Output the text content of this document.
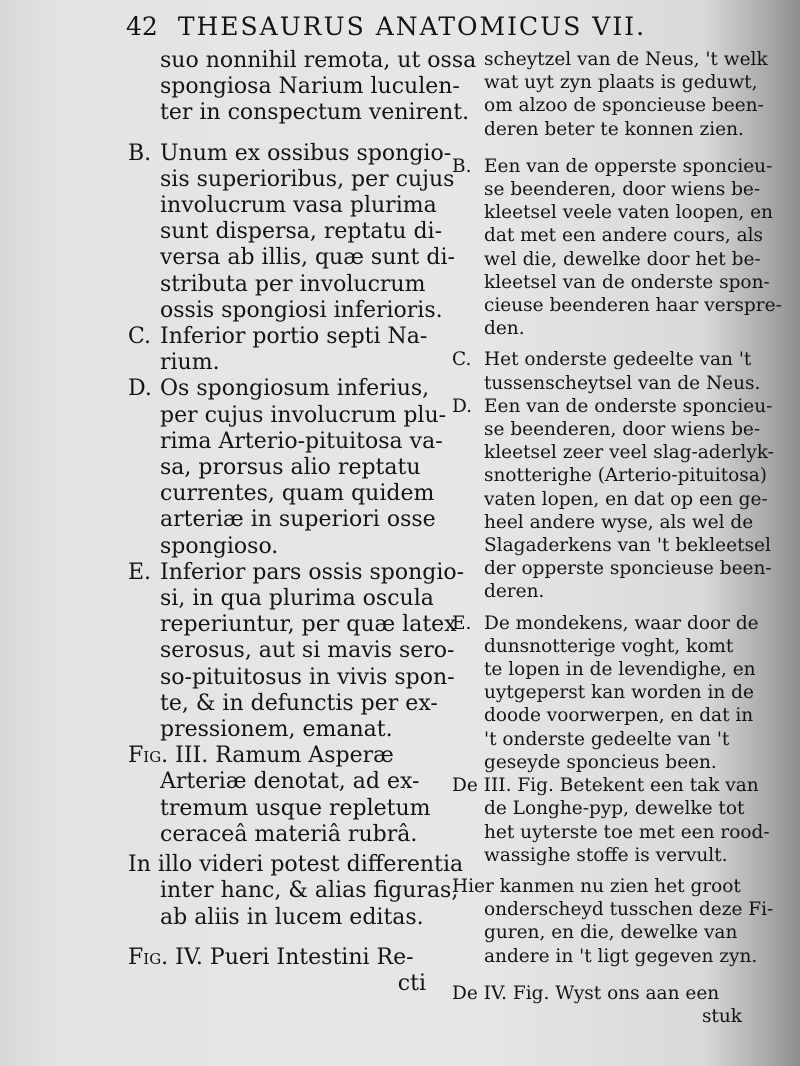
42 THESAURUS ANATOMICUS VII.
suo nonnihil remota, ut ossa
spongiosa Narium luculen-
ter in conspectum venirent.
B. Unum ex ossibus spongio-
sis superioribus, per cujus
involucrum vasa plurima
sunt dispersa, reptatu di-
versa ab illis, quæ sunt di-
stributa per involucrum
ossis spongiosi inferioris.
C. Inferior portio septi Na-
rium.
D. Os spongiosum inferius,
per cujus involucrum plu-
rima Arterio-pituitosa va-
sa, prorsus alio reptatu
currentes, quam quidem
arteriæ in superiori osse
spongioso.
E. Inferior pars ossis spongio-
si, in qua plurima oscula
reperiuntur, per quæ latex
serosus, aut si mavis sero-
so-pituitosus in vivis spon-
te, & in defunctis per ex-
pressionem, emanat.
Fig. III. Ramum Asperæ
Arteriæ denotat, ad ex-
tremum usque repletum
ceraceâ materiâ rubrâ.
In illo videri potest differentia
inter hanc, & alias figuras,
ab aliis in lucem editas.
Fig. IV. Pueri Intestini Re-
cti
scheytzel van de Neus, 't welk
wat uyt zyn plaats is geduwt,
om alzoo de sponcieuse been-
deren beter te konnen zien.
B. Een van de opperste sponcieu-
se beenderen, door wiens be-
kleetsel veele vaten loopen, en
dat met een andere cours, als
wel die, dewelke door het be-
kleetsel van de onderste spon-
cieuse beenderen haar verspre-
den.
C. Het onderste gedeelte van 't
tussenscheytsel van de Neus.
D. Een van de onderste sponcieu-
se beenderen, door wiens be-
kleetsel zeer veel slag-aderlyk-
snotterighe (Arterio-pituitosa)
vaten lopen, en dat op een ge-
heel andere wyse, als wel de
Slagaderkens van 't bekleetsel
der opperste sponcieuse been-
deren.
E. De mondekens, waar door de
dunsnotterige voght, komt
te lopen in de levendighe, en
uytgeperst kan worden in de
doode voorwerpen, en dat in
't onderste gedeelte van 't
geseyde sponcieus been.
De III. Fig. Betekent een tak van
de Longhe-pyp, dewelke tot
het uyterste toe met een rood-
wassighe stoffe is vervult.
Hier kanmen nu zien het groot
onderscheyd tusschen deze Fi-
guren, en die, dewelke van
andere in 't ligt gegeven zyn.
De IV. Fig. Wyst ons aan een
stuk
